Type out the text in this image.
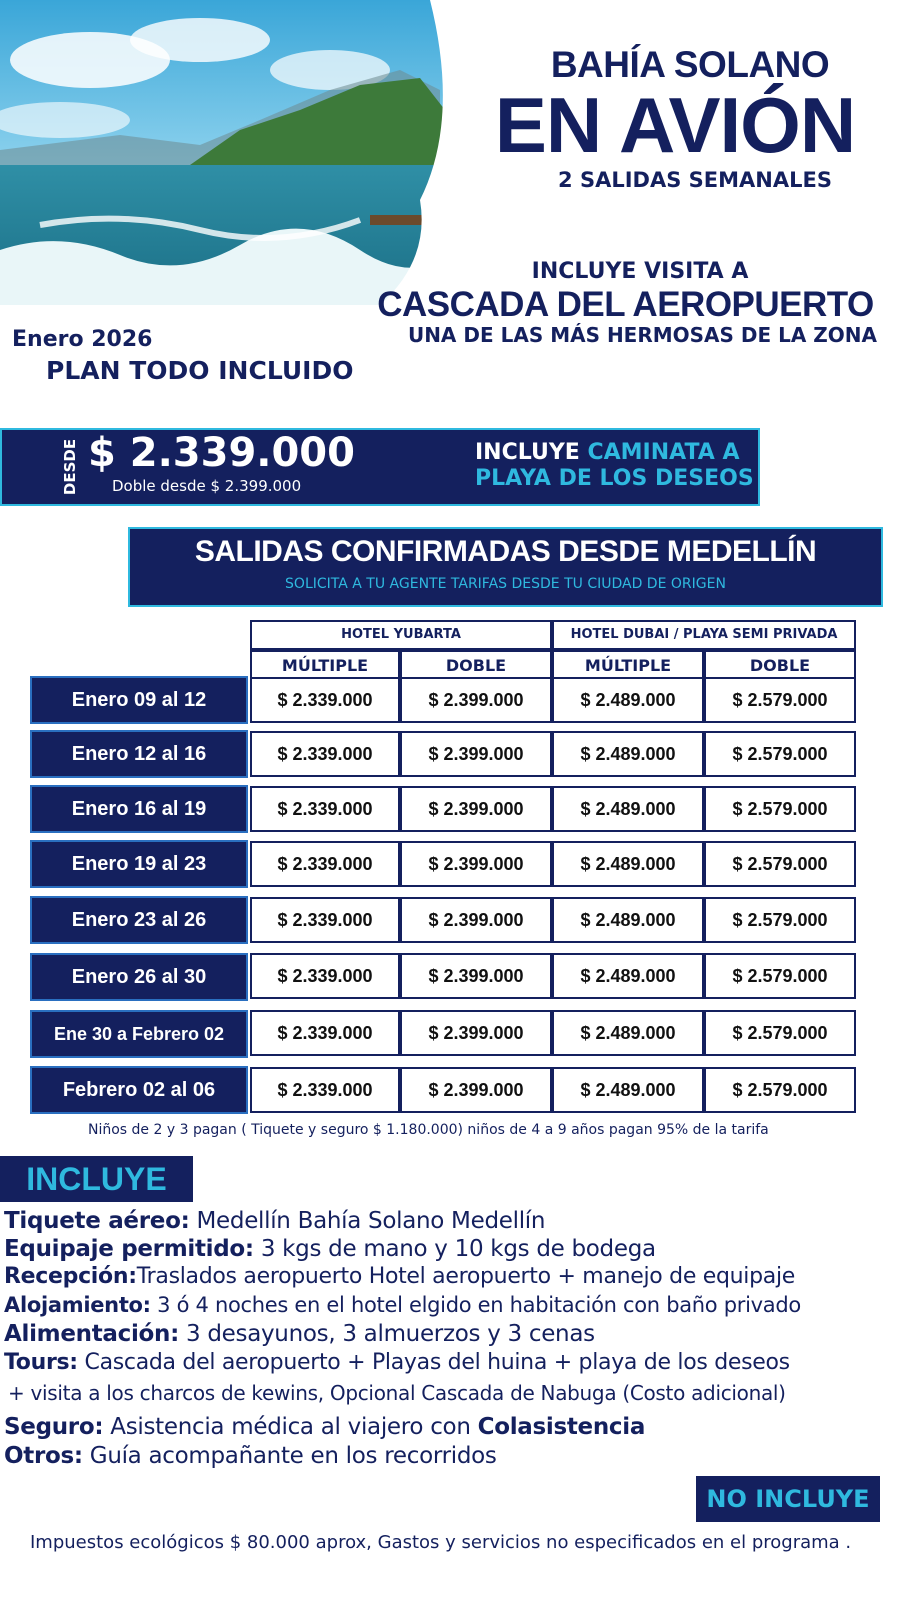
BAHÍA SOLANO
EN AVIÓN
2 SALIDAS SEMANALES
INCLUYE VISITA A
CASCADA DEL AEROPUERTO
UNA DE LAS MÁS HERMOSAS DE LA ZONA
Enero 2026
PLAN TODO INCLUIDO
DESDE $ 2.339.000
Doble desde $ 2.399.000
INCLUYE CAMINATA A
PLAYA DE LOS DESEOS
SALIDAS CONFIRMADAS DESDE MEDELLÍN
SOLICITA A TU AGENTE TARIFAS DESDE TU CIUDAD DE ORIGEN
HOTEL YUBARTA	HOTEL DUBAI / PLAYA SEMI PRIVADA
MÚLTIPLE	DOBLE	MÚLTIPLE	DOBLE
Enero 09 al 12	$ 2.339.000	$ 2.399.000	$ 2.489.000	$ 2.579.000
Enero 12 al 16	$ 2.339.000	$ 2.399.000	$ 2.489.000	$ 2.579.000
Enero 16 al 19	$ 2.339.000	$ 2.399.000	$ 2.489.000	$ 2.579.000
Enero 19 al 23	$ 2.339.000	$ 2.399.000	$ 2.489.000	$ 2.579.000
Enero 23 al 26	$ 2.339.000	$ 2.399.000	$ 2.489.000	$ 2.579.000
Enero 26 al 30	$ 2.339.000	$ 2.399.000	$ 2.489.000	$ 2.579.000
Ene 30 a Febrero 02	$ 2.339.000	$ 2.399.000	$ 2.489.000	$ 2.579.000
Febrero 02 al 06	$ 2.339.000	$ 2.399.000	$ 2.489.000	$ 2.579.000
Niños de 2 y 3 pagan ( Tiquete y seguro $ 1.180.000) niños de 4 a 9 años pagan 95% de la tarifa
INCLUYE
Tiquete aéreo: Medellín Bahía Solano Medellín
Equipaje permitido: 3 kgs de mano y 10 kgs de bodega
Recepción:Traslados aeropuerto Hotel aeropuerto + manejo de equipaje
Alojamiento: 3 ó 4 noches en el hotel elgido en habitación con baño privado
Alimentación: 3 desayunos, 3 almuerzos y 3 cenas
Tours: Cascada del aeropuerto + Playas del huina + playa de los deseos
+ visita a los charcos de kewins, Opcional Cascada de Nabuga (Costo adicional)
Seguro: Asistencia médica al viajero con Colasistencia
Otros: Guía acompañante en los recorridos
NO INCLUYE
Impuestos ecológicos $ 80.000 aprox, Gastos y servicios no especificados en el programa .
